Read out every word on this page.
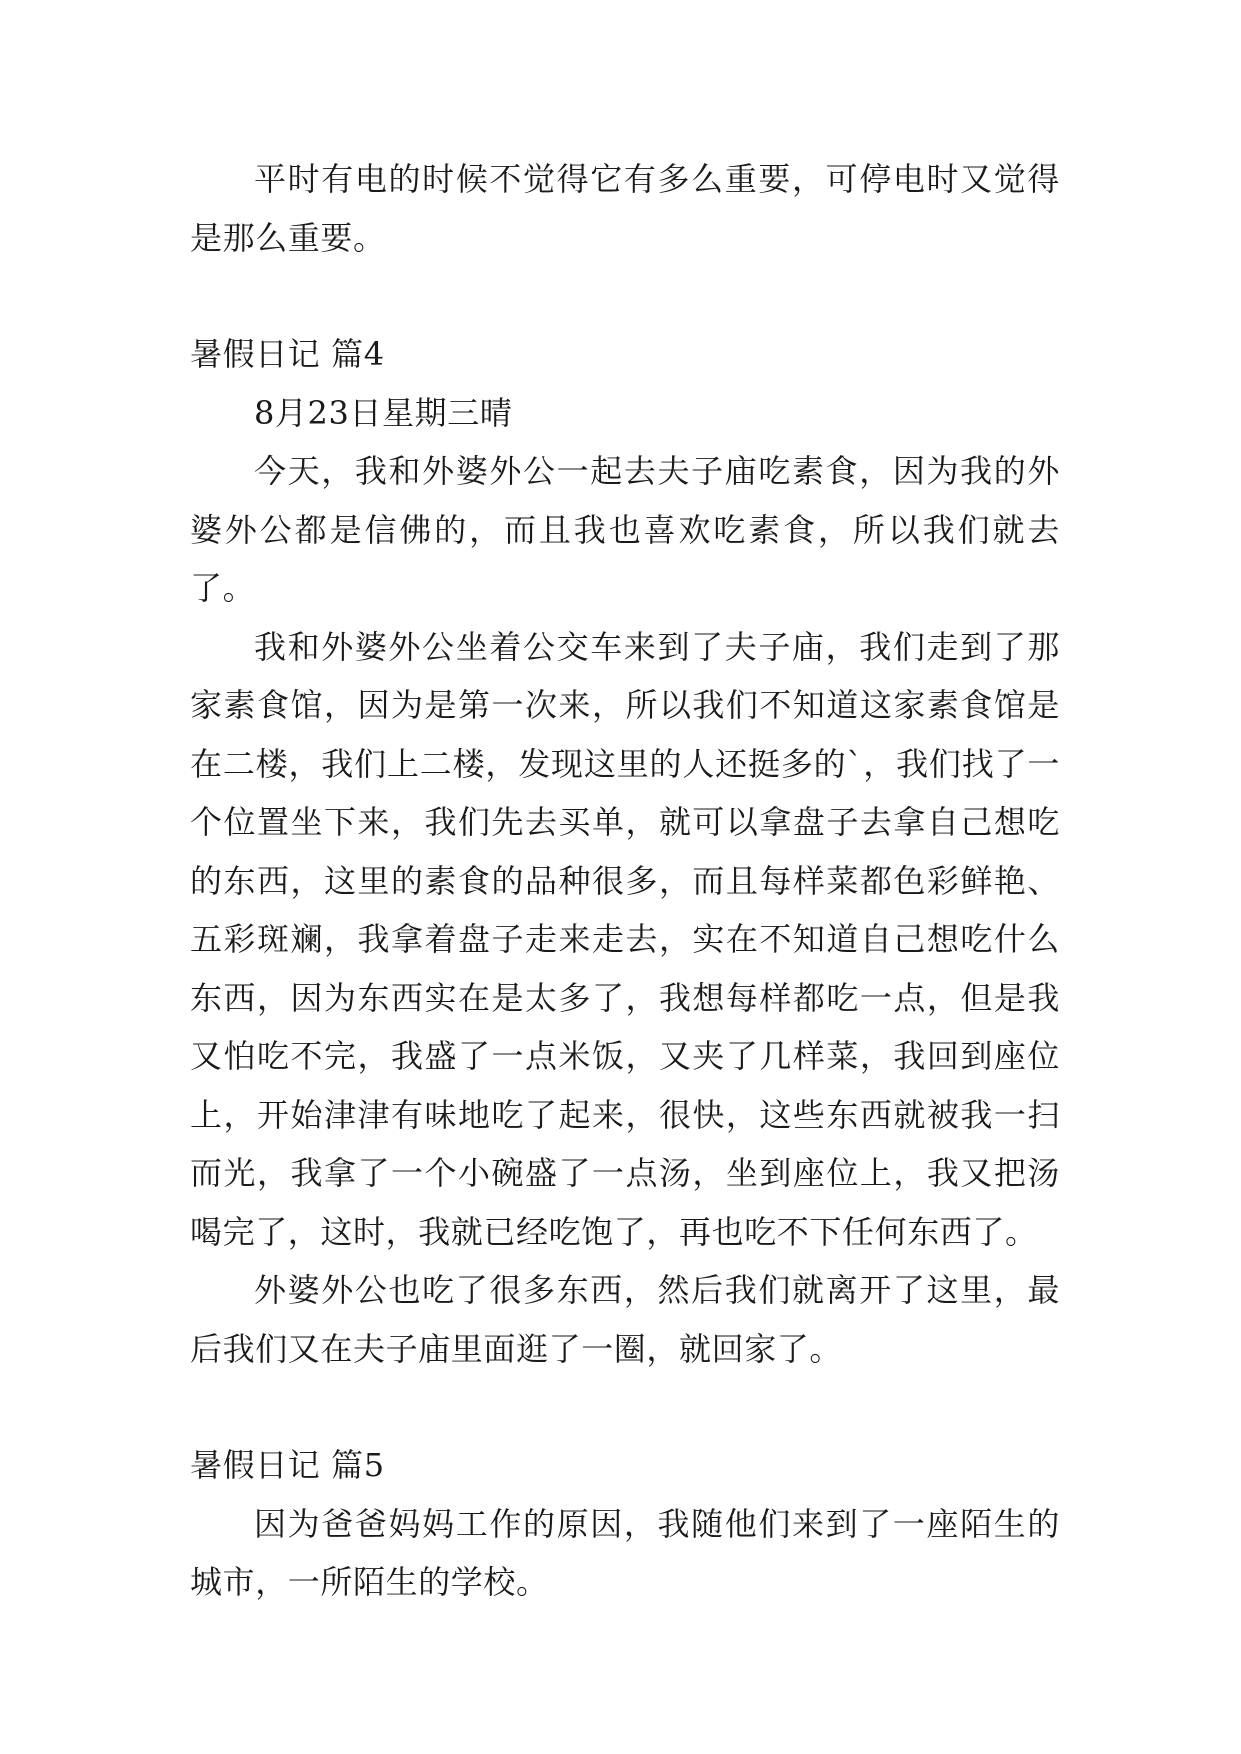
平时有电的时候不觉得它有多么重要，可停电时又觉得是那么重要。

暑假日记 篇4

8月23日星期三晴

今天，我和外婆外公一起去夫子庙吃素食，因为我的外婆外公都是信佛的，而且我也喜欢吃素食，所以我们就去了。

我和外婆外公坐着公交车来到了夫子庙，我们走到了那家素食馆，因为是第一次来，所以我们不知道这家素食馆是在二楼，我们上二楼，发现这里的人还挺多的`，我们找了一个位置坐下来，我们先去买单，就可以拿盘子去拿自己想吃的东西，这里的素食的品种很多，而且每样菜都色彩鲜艳、五彩斑斓，我拿着盘子走来走去，实在不知道自己想吃什么东西，因为东西实在是太多了，我想每样都吃一点，但是我又怕吃不完，我盛了一点米饭，又夹了几样菜，我回到座位上，开始津津有味地吃了起来，很快，这些东西就被我一扫而光，我拿了一个小碗盛了一点汤，坐到座位上，我又把汤喝完了，这时，我就已经吃饱了，再也吃不下任何东西了。

外婆外公也吃了很多东西，然后我们就离开了这里，最后我们又在夫子庙里面逛了一圈，就回家了。

暑假日记 篇5

因为爸爸妈妈工作的原因，我随他们来到了一座陌生的城市，一所陌生的学校。
